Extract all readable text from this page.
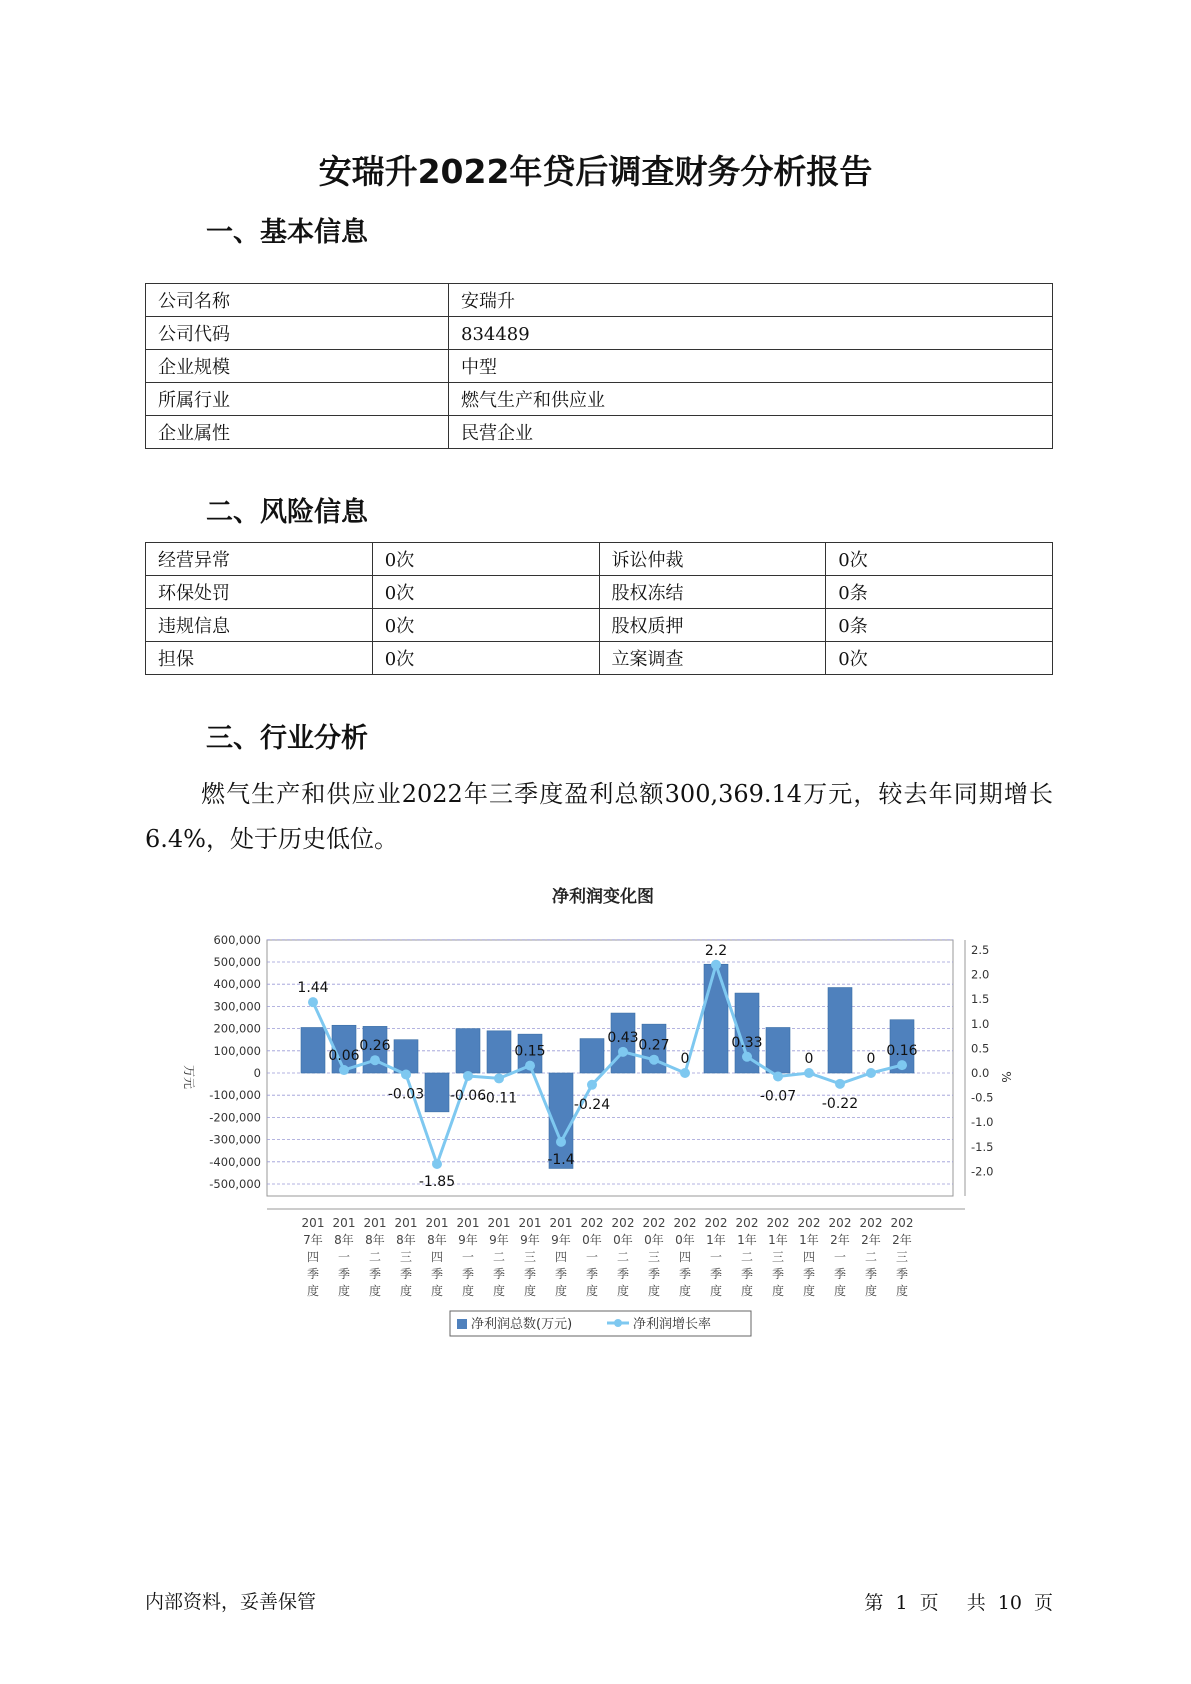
安瑞升2022年贷后调查财务分析报告
一、基本信息
公司名称	安瑞升
公司代码	834489
企业规模	中型
所属行业	燃气生产和供应业
企业属性	民营企业
二、风险信息
经营异常	0次	诉讼仲裁	0次
环保处罚	0次	股权冻结	0条
违规信息	0次	股权质押	0条
担保	0次	立案调查	0次
三、行业分析
燃气生产和供应业2022年三季度盈利总额300,369.14万元，较去年同期增长6.4%，处于历史低位。
净利润变化图
600,000
500,000
400,000
300,000
200,000
100,000
0
-100,000
-200,000
-300,000
-400,000
-500,000
2.5
2.0
1.5
1.0
0.5
0.0
-0.5
-1.0
-1.5
-2.0
万元	%
1.44
0.06
0.26
-0.03
-1.85
-0.06
-0.11
0.15
-1.4
-0.24
0.43 0.27
0
2.2
0.33
-0.07
0
-0.22
0 0.16
201
7年
四
季
度
201
8年
一
季
度
201
8年
二
季
度
201
8年
三
季
度
201
8年
四
季
度
201
9年
一
季
度
201
9年
二
季
度
201
9年
三
季
度
201
9年
四
季
度
202
0年
一
季
度
202
0年
二
季
度
202
0年
三
季
度
202
0年
四
季
度
202
1年
一
季
度
202
1年
二
季
度
202
1年
三
季
度
202
1年
四
季
度
202
2年
一
季
度
202
2年
二
季
度
202
2年
三
季
度
净利润总数(万元)	净利润增长率
内部资料，妥善保管	第 1 页 共 10 页
